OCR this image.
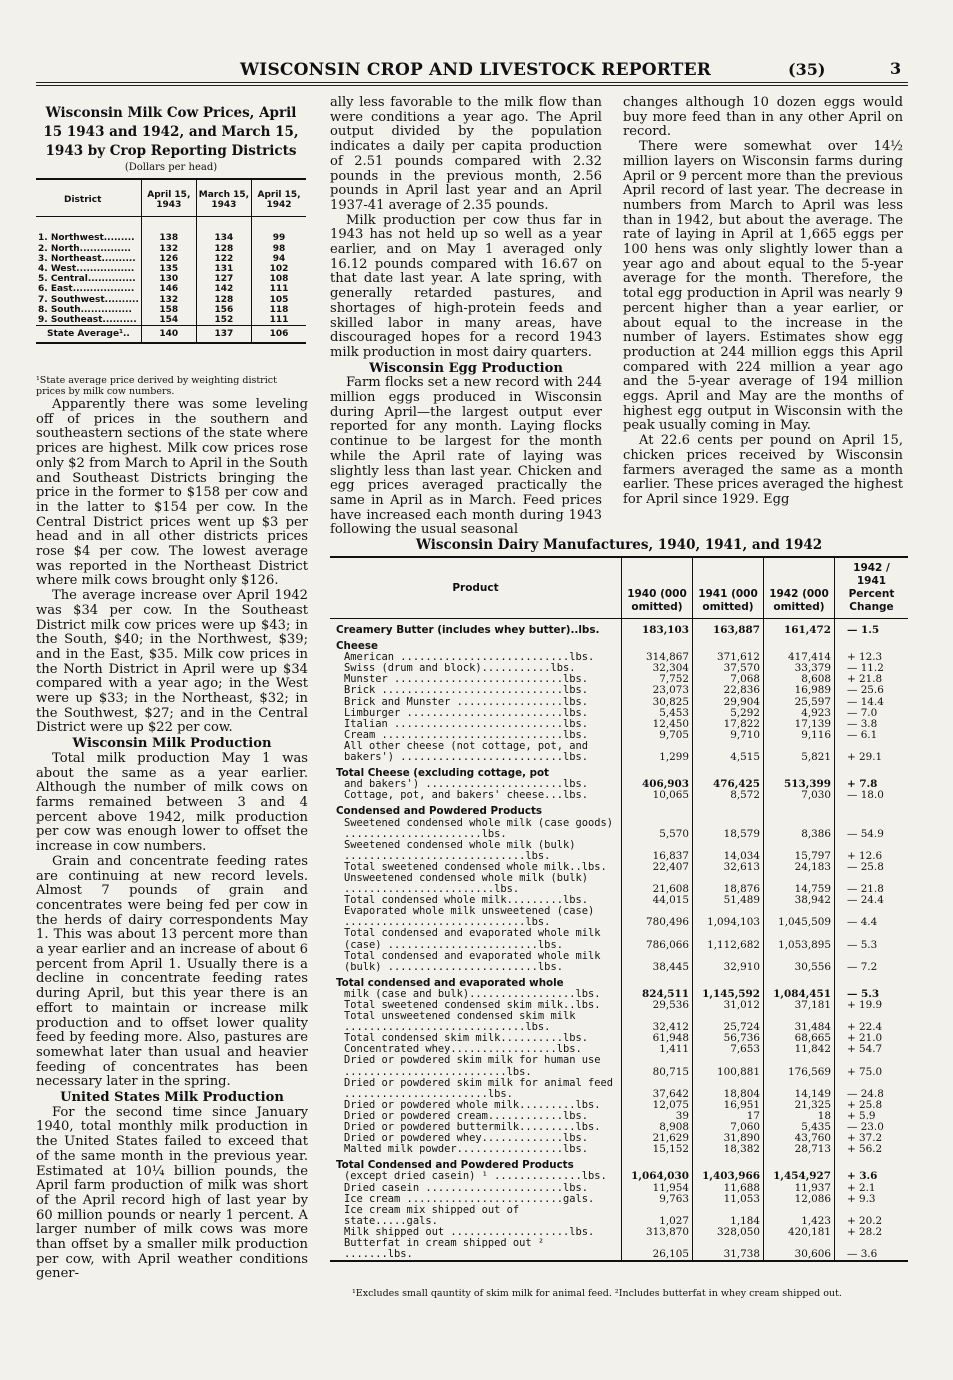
WISCONSIN CROP AND LIVESTOCK REPORTER	(35)	3
Wisconsin Milk Cow Prices, April 15 1943 and 1942, and March 15, 1943 by Crop Reporting Districts
(Dollars per head)
District	April 15, 1943	March 15, 1943	April 15, 1942
1. Northwest.........	138	134	99
2. North...............	132	128	98
3. Northeast..........	126	122	94
4. West.................	135	131	102
5. Central..............	130	127	108
6. East..................	146	142	111
7. Southwest..........	132	128	105
8. South...............	158	156	118
9. Southeast..........	154	152	111
State Average¹..	140	137	106
¹State average price derived by weighting district prices by milk cow numbers.

Apparently there was some leveling off of prices in the southern and southeastern sections of the state where prices are highest. Milk cow prices rose only $2 from March to April in the South and Southeast Districts bringing the price in the former to $158 per cow and in the latter to $154 per cow. In the Central District prices went up $3 per head and in all other districts prices rose $4 per cow. The lowest average was reported in the Northeast District where milk cows brought only $126.

The average increase over April 1942 was $34 per cow. In the Southeast District milk cow prices were up $43; in the South, $40; in the Northwest, $39; and in the East, $35. Milk cow prices in the North District in April were up $34 compared with a year ago; in the West were up $33; in the Northeast, $32; in the Southwest, $27; and in the Central District were up $22 per cow.

Wisconsin Milk Production

Total milk production May 1 was about the same as a year earlier. Although the number of milk cows on farms remained between 3 and 4 percent above 1942, milk production per cow was enough lower to offset the increase in cow numbers.

Grain and concentrate feeding rates are continuing at new record levels. Almost 7 pounds of grain and concentrates were being fed per cow in the herds of dairy correspondents May 1. This was about 13 percent more than a year earlier and an increase of about 6 percent from April 1. Usually there is a decline in concentrate feeding rates during April, but this year there is an effort to maintain or increase milk production and to offset lower quality feed by feeding more. Also, pastures are somewhat later than usual and heavier feeding of concentrates has been necessary later in the spring.

United States Milk Production

For the second time since January 1940, total monthly milk production in the United States failed to exceed that of the same month in the previous year. Estimated at 10¼ billion pounds, the April farm production of milk was short of the April record high of last year by 60 million pounds or nearly 1 percent. A larger number of milk cows was more than offset by a smaller milk production per cow, with April weather conditions gener-

ally less favorable to the milk flow than were conditions a year ago. The April output divided by the population indicates a daily per capita production of 2.51 pounds compared with 2.32 pounds in the previous month, 2.56 pounds in April last year and an April 1937-41 average of 2.35 pounds.

Milk production per cow thus far in 1943 has not held up so well as a year earlier, and on May 1 averaged only 16.12 pounds compared with 16.67 on that date last year. A late spring, with generally retarded pastures, and shortages of high-protein feeds and skilled labor in many areas, have discouraged hopes for a record 1943 milk production in most dairy quarters.

Wisconsin Egg Production

Farm flocks set a new record with 244 million eggs produced in Wisconsin during April—the largest output ever reported for any month. Laying flocks continue to be largest for the month while the April rate of laying was slightly less than last year. Chicken and egg prices averaged practically the same in April as in March. Feed prices have increased each month during 1943 following the usual seasonal

changes although 10 dozen eggs would buy more feed than in any other April on record.

There were somewhat over 14½ million layers on Wisconsin farms during April or 9 percent more than the previous April record of last year. The decrease in numbers from March to April was less than in 1942, but about the average. The rate of laying in April at 1,665 eggs per 100 hens was only slightly lower than a year ago and about equal to the 5-year average for the month. Therefore, the total egg production in April was nearly 9 percent higher than a year earlier, or about equal to the increase in the number of layers. Estimates show egg production at 244 million eggs this April compared with 224 million a year ago and the 5-year average of 194 million eggs. April and May are the months of highest egg output in Wisconsin with the peak usually coming in May.

At 22.6 cents per pound on April 15, chicken prices received by Wisconsin farmers averaged the same as a month earlier. These prices averaged the highest for April since 1929. Egg

Wisconsin Dairy Manufactures, 1940, 1941, and 1942
Product	1940 (000 omitted)	1941 (000 omitted)	1942 (000 omitted)	1942 / 1941 Percent Change
Creamery Butter (includes whey butter)..lbs.	183,103	163,887	161,472	— 1.5
Cheese				
American ...........................lbs.	314,867	371,612	417,414	+ 12.3
Swiss (drum and block)...........lbs.	32,304	37,570	33,379	— 11.2
Munster ...........................lbs.	7,752	7,068	8,608	+ 21.8
Brick .............................lbs.	23,073	22,836	16,989	— 25.6
Brick and Munster .................lbs.	30,825	29,904	25,597	— 14.4
Limburger .........................lbs.	5,453	5,292	4,923	— 7.0
Italian ...........................lbs.	12,450	17,822	17,139	— 3.8
Cream .............................lbs.	9,705	9,710	9,116	— 6.1
All other cheese (not cottage, pot, and bakers') ..........................lbs.	1,299	4,515	5,821	+ 29.1
Total Cheese (excluding cottage, pot				
and bakers') ......................lbs.	406,903	476,425	513,399	+ 7.8
Cottage, pot, and bakers' cheese...lbs.	10,065	8,572	7,030	— 18.0
Condensed and Powdered Products				
Sweetened condensed whole milk (case goods) ......................lbs.	5,570	18,579	8,386	— 54.9
Sweetened condensed whole milk (bulk) .............................lbs.	16,837	14,034	15,797	+ 12.6
Total sweetened condensed whole milk..lbs.	22,407	32,613	24,183	— 25.8
Unsweetened condensed whole milk (bulk) ........................lbs.	21,608	18,876	14,759	— 21.8
Total condensed whole milk.........lbs.	44,015	51,489	38,942	— 24.4
Evaporated whole milk unsweetened (case) .............................lbs.	780,496	1,094,103	1,045,509	— 4.4
Total condensed and evaporated whole milk (case) ........................lbs.	786,066	1,112,682	1,053,895	— 5.3
Total condensed and evaporated whole milk (bulk) ........................lbs.	38,445	32,910	30,556	— 7.2
Total condensed and evaporated whole				
milk (case and bulk).................lbs.	824,511	1,145,592	1,084,451	— 5.3
Total sweetened condensed skim milk..lbs.	29,536	31,012	37,181	+ 19.9
Total unsweetened condensed skim milk .............................lbs.	32,412	25,724	31,484	+ 22.4
Total condensed skim milk..........lbs.	61,948	56,736	68,665	+ 21.0
Concentrated whey.................lbs.	1,411	7,653	11,842	+ 54.7
Dried or powdered skim milk for human use ..........................lbs.	80,715	100,881	176,569	+ 75.0
Dried or powdered skim milk for animal feed .......................lbs.	37,642	18,804	14,149	— 24.8
Dried or powdered whole milk.........lbs.	12,075	16,951	21,325	+ 25.8
Dried or powdered cream............lbs.	39	17	18	+ 5.9
Dried or powdered buttermilk.........lbs.	8,908	7,060	5,435	— 23.0
Dried or powdered whey.............lbs.	21,629	31,890	43,760	+ 37.2
Malted milk powder.................lbs.	15,152	18,382	28,713	+ 56.2
Total Condensed and Powdered Products				
(except dried casein) ¹ ..............lbs.	1,064,030	1,403,966	1,454,927	+ 3.6
Dried casein ......................lbs.	11,954	11,688	11,937	+ 2.1
Ice cream .........................gals.	9,763	11,053	12,086	+ 9.3
Ice cream mix shipped out of state.....gals.	1,027	1,184	1,423	+ 20.2
Milk shipped out ...................lbs.	313,870	328,050	420,181	+ 28.2
Butterfat in cream shipped out ² .......lbs.	26,105	31,738	30,606	— 3.6
¹Excludes small qauntity of skim milk for animal feed. ²Includes butterfat in whey cream shipped out.
